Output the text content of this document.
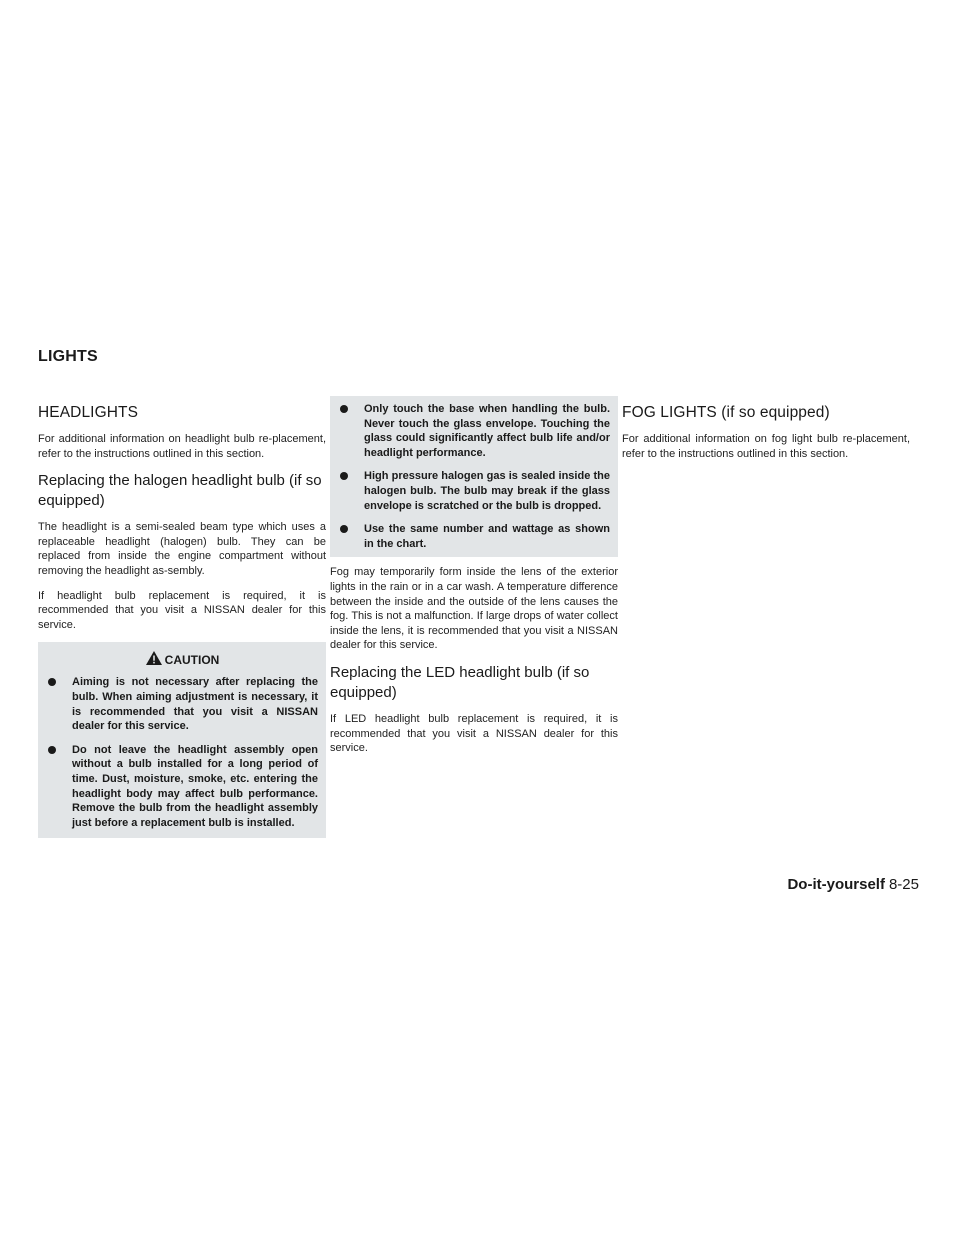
LIGHTS
HEADLIGHTS

For additional information on headlight bulb re-placement, refer to the instructions outlined in this section.

Replacing the halogen headlight bulb (if so equipped)

The headlight is a semi-sealed beam type which uses a replaceable headlight (halogen) bulb. They can be replaced from inside the engine compartment without removing the headlight as-sembly.

If headlight bulb replacement is required, it is recommended that you visit a NISSAN dealer for this service.

CAUTION
Aiming is not necessary after replacing the bulb. When aiming adjustment is necessary, it is recommended that you visit a NISSAN dealer for this service.
Do not leave the headlight assembly open without a bulb installed for a long period of time. Dust, moisture, smoke, etc. entering the headlight body may affect bulb performance. Remove the bulb from the headlight assembly just before a replacement bulb is installed.
Only touch the base when handling the bulb. Never touch the glass envelope. Touching the glass could significantly affect bulb life and/or headlight performance.
High pressure halogen gas is sealed inside the halogen bulb. The bulb may break if the glass envelope is scratched or the bulb is dropped.
Use the same number and wattage as shown in the chart.

Fog may temporarily form inside the lens of the exterior lights in the rain or in a car wash. A temperature difference between the inside and the outside of the lens causes the fog. This is not a malfunction. If large drops of water collect inside the lens, it is recommended that you visit a NISSAN dealer for this service.

Replacing the LED headlight bulb (if so equipped)

If LED headlight bulb replacement is required, it is recommended that you visit a NISSAN dealer for this service.

FOG LIGHTS (if so equipped)

For additional information on fog light bulb re-placement, refer to the instructions outlined in this section.

Do-it-yourself 8-25
